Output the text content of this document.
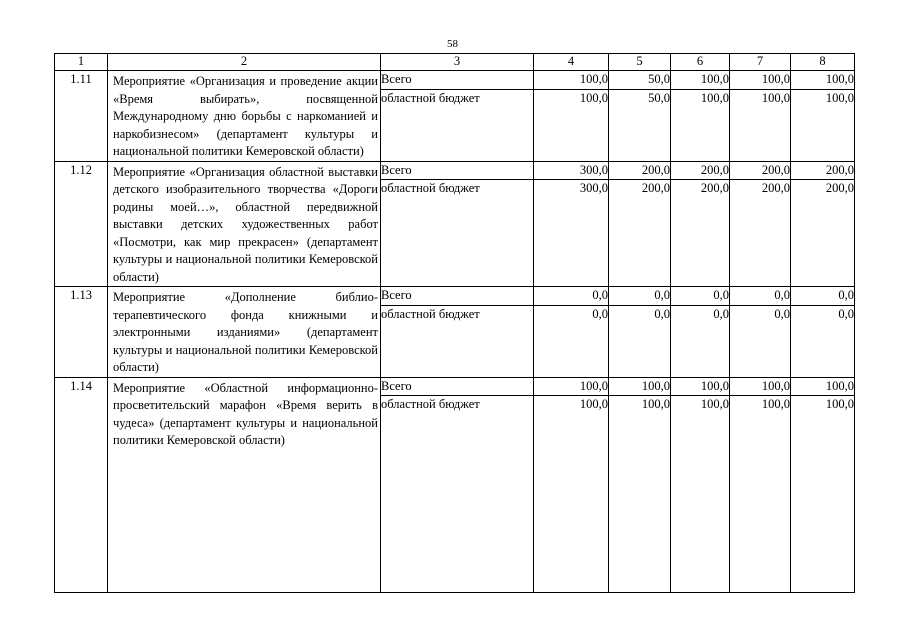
58
1	2	3	4	5	6	7	8
1.11	Мероприятие «Организация и проведение акции «Время выбирать», посвященной Международному дню борьбы с наркоманией и наркобизнесом» (департамент культуры и национальной политики Кемеровской области)	Всего	100,0	50,0	100,0	100,0	100,0
		областной бюджет	100,0	50,0	100,0	100,0	100,0
1.12	Мероприятие «Организация областной выставки детского изобразительного творчества «Дороги родины моей…», областной передвижной выставки детских художественных работ «Посмотри, как мир прекрасен» (департамент культуры и национальной политики Кемеровской области)	Всего	300,0	200,0	200,0	200,0	200,0
		областной бюджет	300,0	200,0	200,0	200,0	200,0
1.13	Мероприятие «Дополнение библиотерапевтического фонда книжными и электронными изданиями» (департамент культуры и национальной политики Кемеровской области)	Всего	0,0	0,0	0,0	0,0	0,0
		областной бюджет	0,0	0,0	0,0	0,0	0,0
1.14	Мероприятие «Областной информационно-просветительский марафон «Время верить в чудеса» (департамент культуры и национальной политики Кемеровской области)	Всего	100,0	100,0	100,0	100,0	100,0
		областной бюджет	100,0	100,0	100,0	100,0	100,0
